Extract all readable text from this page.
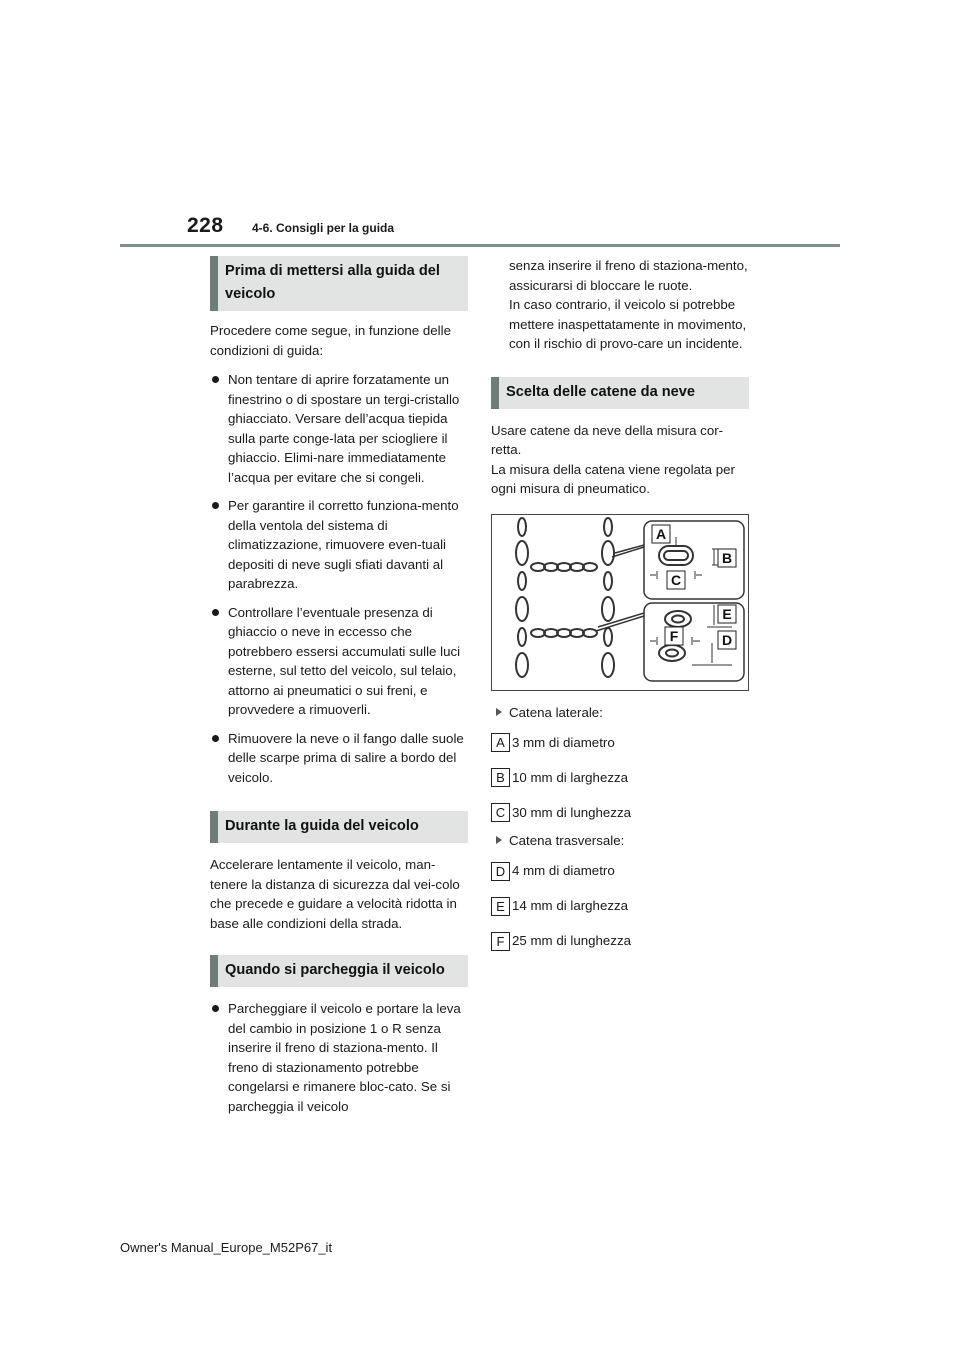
228 4-6. Consigli per la guida
Prima di mettersi alla guida del veicolo

Procedere come segue, in funzione delle condizioni di guida:

Non tentare di aprire forzatamente un finestrino o di spostare un tergi-cristallo ghiacciato. Versare dell’acqua tiepida sulla parte conge-lata per sciogliere il ghiaccio. Elimi-nare immediatamente l’acqua per evitare che si congeli.
Per garantire il corretto funziona-mento della ventola del sistema di climatizzazione, rimuovere even-tuali depositi di neve sugli sfiati davanti al parabrezza.
Controllare l’eventuale presenza di ghiaccio o neve in eccesso che potrebbero essersi accumulati sulle luci esterne, sul tetto del veicolo, sul telaio, attorno ai pneumatici o sui freni, e provvedere a rimuoverli.
Rimuovere la neve o il fango dalle suole delle scarpe prima di salire a bordo del veicolo.
Durante la guida del veicolo

Accelerare lentamente il veicolo, man-tenere la distanza di sicurezza dal vei-colo che precede e guidare a velocità ridotta in base alle condizioni della strada.

Quando si parcheggia il veicolo
Parcheggiare il veicolo e portare la leva del cambio in posizione 1 o R senza inserire il freno di staziona-mento. Il freno di stazionamento potrebbe congelarsi e rimanere bloc-cato. Se si parcheggia il veicolo

senza inserire il freno di staziona-mento, assicurarsi di bloccare le ruote.
In caso contrario, il veicolo si potrebbe mettere inaspettatamente in movimento, con il rischio di provo-care un incidente.

Scelta delle catene da neve

Usare catene da neve della misura cor-retta.
La misura della catena viene regolata per ogni misura di pneumatico.

A
B
C
E
F	D
Catena laterale:
A 3 mm di diametro
B 10 mm di larghezza
C 30 mm di lunghezza
Catena trasversale:
D 4 mm di diametro
E 14 mm di larghezza
F 25 mm di lunghezza
Owner's Manual_Europe_M52P67_it
